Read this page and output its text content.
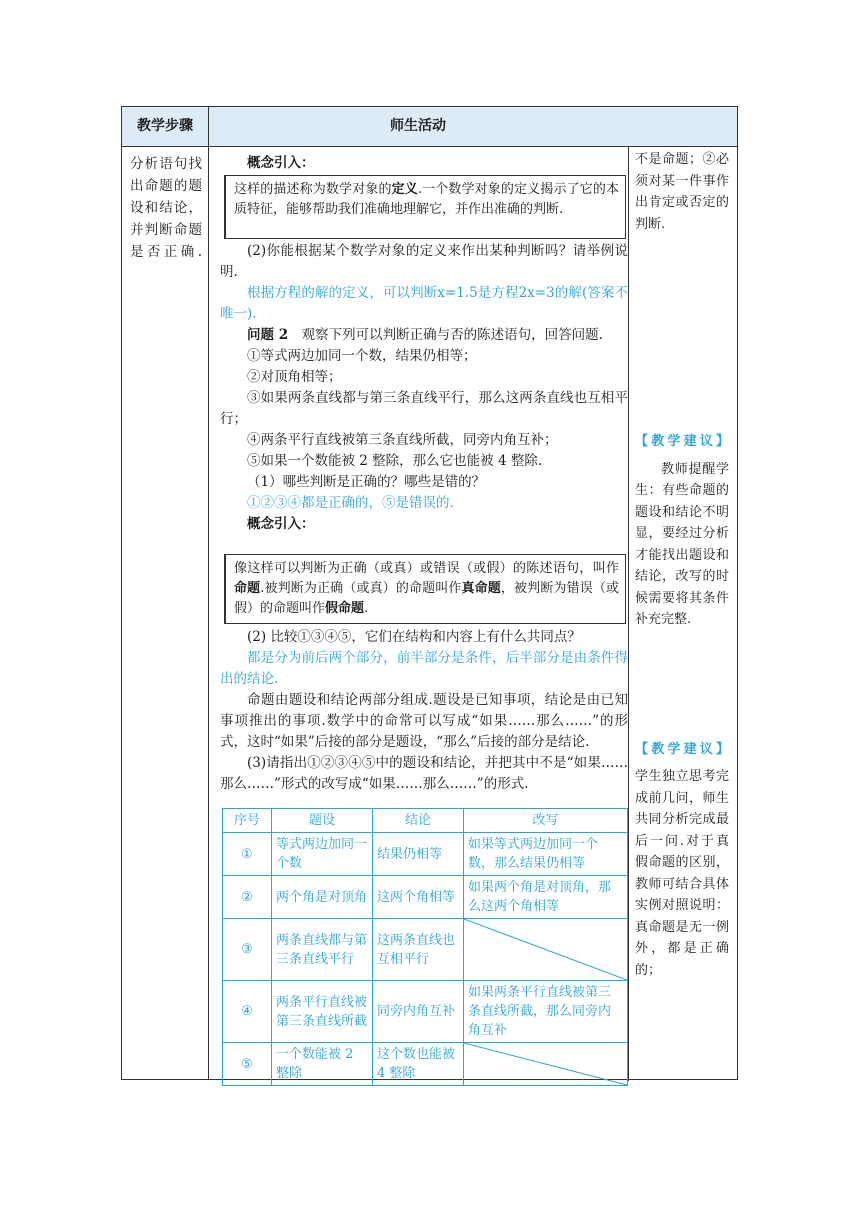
教学步骤	师生活动
分析语句找出命题的题设和结论，并判断命题是否正确.

概念引入：

这样的描述称为数学对象的定义.一个数学对象的定义揭示了它的本质特征，能够帮助我们准确地理解它，并作出准确的判断.

(2)你能根据某个数学对象的定义来作出某种判断吗？请举例说明.

根据方程的解的定义，可以判断x=1.5是方程2x=3的解(答案不唯一).

问题 2　 观察下列可以判断正确与否的陈述语句，回答问题.

①等式两边加同一个数，结果仍相等；

②对顶角相等；

③如果两条直线都与第三条直线平行，那么这两条直线也互相平行；

④两条平行直线被第三条直线所截，同旁内角互补；

⑤如果一个数能被 2 整除，那么它也能被 4 整除.

（1）哪些判断是正确的？哪些是错的？

①②③④都是正确的，⑤是错误的.

概念引入：

像这样可以判断为正确（或真）或错误（或假）的陈述语句，叫作命题.被判断为正确（或真）的命题叫作真命题，被判断为错误（或假）的命题叫作假命题.

(2) 比较①③④⑤，它们在结构和内容上有什么共同点？

都是分为前后两个部分，前半部分是条件，后半部分是由条件得出的结论.

命题由题设和结论两部分组成.题设是已知事项，结论是由已知事项推出的事项.数学中的命常可以写成“如果……那么……”的形式，这时“如果”后接的部分是题设，“那么”后接的部分是结论.

(3)请指出①②③④⑤中的题设和结论，并把其中不是“如果……那么……”形式的改写成“如果……那么……”的形式.

序号	题设	结论	改写
①	等式两边加同一个数	结果仍相等	如果等式两边加同一个数，那么结果仍相等
②	两个角是对顶角	这两个角相等	如果两个角是对顶角，那么这两个角相等
③	两条直线都与第三条直线平行	这两条直线也互相平行	

④	两条平行直线被第三条直线所截	同旁内角互补	如果两条平行直线被第三条直线所截，那么同旁内角互补
⑤	一个数能被 2 整除	这个数也能被 4 整除	

不是命题；②必须对某一件事作出肯定或否定的判断.

【教学建议】

教师提醒学生：有些命题的题设和结论不明显，要经过分析才能找出题设和结论，改写的时候需要将其条件补充完整.

【教学建议】

学生独立思考完成前几问，师生共同分析完成最后一问.对于真假命题的区别，教师可结合具体实例对照说明：真命题是无一例外，都是正确的；
